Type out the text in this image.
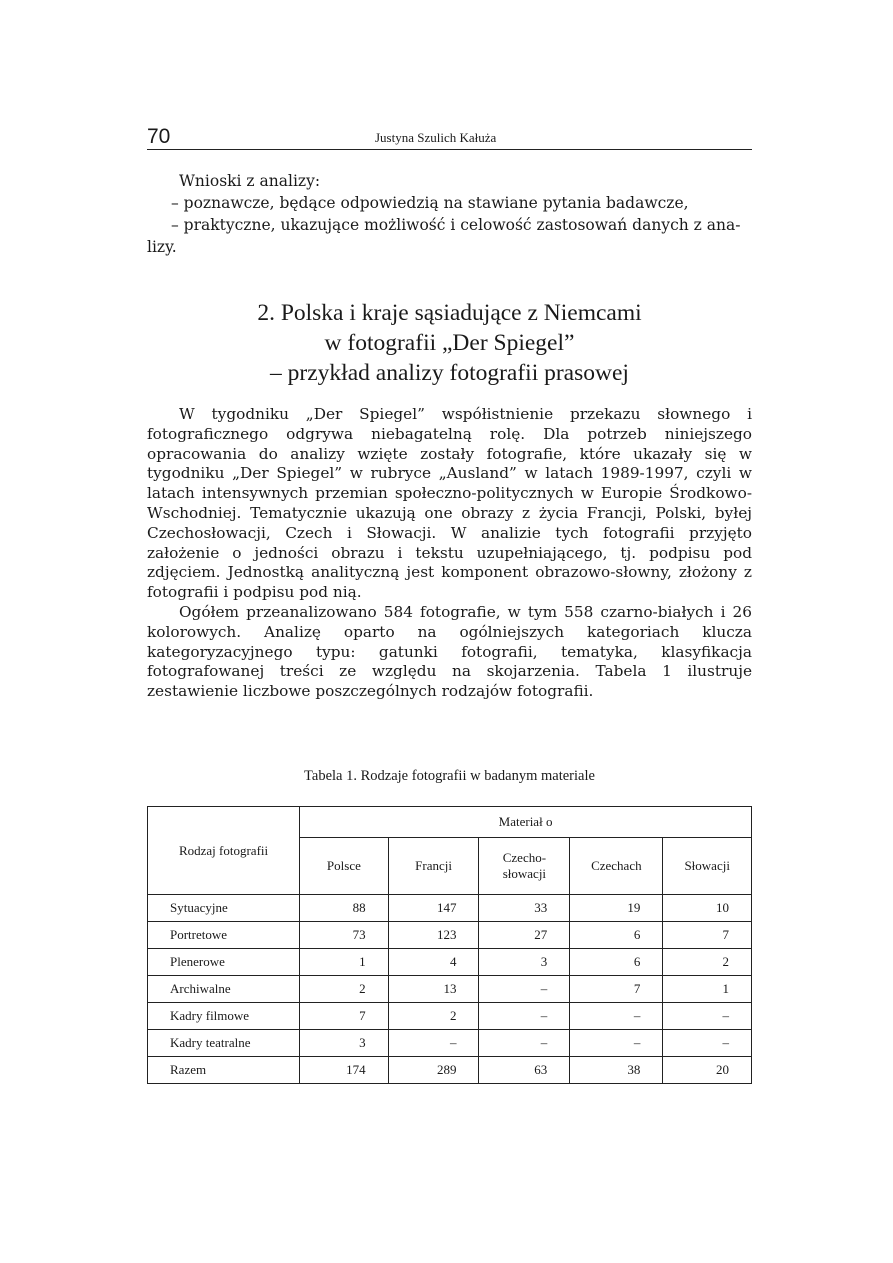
70	Justyna Szulich Kałuża
Wnioski z analizy:
– poznawcze, będące odpowiedzią na stawiane pytania badawcze,
– praktyczne, ukazujące możliwość i celowość zastosowań danych z ana-
lizy.
2. Polska i kraje sąsiadujące z Niemcami
w fotografii „Der Spiegel”
– przykład analizy fotografii prasowej

W tygodniku „Der Spiegel” współistnienie przekazu słownego i fotograficznego odgrywa niebagatelną rolę. Dla potrzeb niniejszego opracowania do analizy wzięte zostały fotografie, które ukazały się w tygodniku „Der Spiegel” w rubryce „Ausland” w latach 1989-1997, czyli w latach intensywnych przemian społeczno-politycznych w Europie Środkowo-Wschodniej. Tematycznie ukazują one obrazy z życia Francji, Polski, byłej Czechosłowacji, Czech i Słowacji. W analizie tych fotografii przyjęto założenie o jedności obrazu i tekstu uzupełniającego, tj. podpisu pod zdjęciem. Jednostką analityczną jest komponent obrazowo-słowny, złożony z fotografii i podpisu pod nią.

Ogółem przeanalizowano 584 fotografie, w tym 558 czarno-białych i 26 kolorowych. Analizę oparto na ogólniejszych kategoriach klucza kategoryzacyjnego typu: gatunki fotografii, tematyka, klasyfikacja fotografowanej treści ze względu na skojarzenia. Tabela 1 ilustruje zestawienie liczbowe poszczególnych rodzajów fotografii.

Tabela 1. Rodzaje fotografii w badanym materiale
Rodzaj fotografii	Materiał o				
	Polsce	Francji	Czecho-słowacji	Czechach	Słowacji
Sytuacyjne	88	147	33	19	10
Portretowe	73	123	27	6	7
Plenerowe	1	4	3	6	2
Archiwalne	2	13	–	7	1
Kadry filmowe	7	2	–	–	–
Kadry teatralne	3	–	–	–	–
Razem	174	289	63	38	20
